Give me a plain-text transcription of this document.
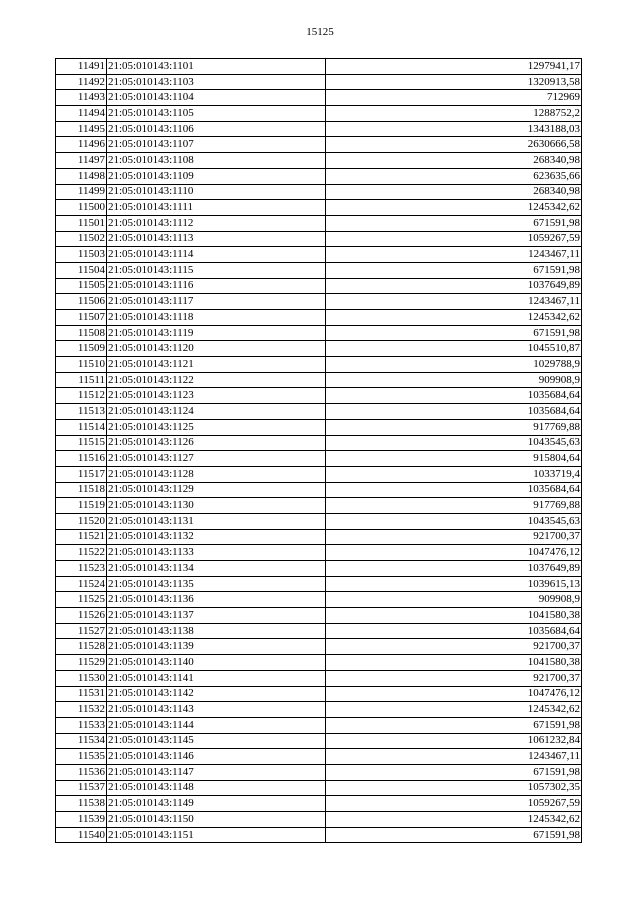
15125
11491	21:05:010143:1101	1297941,17
11492	21:05:010143:1103	1320913,58
11493	21:05:010143:1104	712969
11494	21:05:010143:1105	1288752,2
11495	21:05:010143:1106	1343188,03
11496	21:05:010143:1107	2630666,58
11497	21:05:010143:1108	268340,98
11498	21:05:010143:1109	623635,66
11499	21:05:010143:1110	268340,98
11500	21:05:010143:1111	1245342,62
11501	21:05:010143:1112	671591,98
11502	21:05:010143:1113	1059267,59
11503	21:05:010143:1114	1243467,11
11504	21:05:010143:1115	671591,98
11505	21:05:010143:1116	1037649,89
11506	21:05:010143:1117	1243467,11
11507	21:05:010143:1118	1245342,62
11508	21:05:010143:1119	671591,98
11509	21:05:010143:1120	1045510,87
11510	21:05:010143:1121	1029788,9
11511	21:05:010143:1122	909908,9
11512	21:05:010143:1123	1035684,64
11513	21:05:010143:1124	1035684,64
11514	21:05:010143:1125	917769,88
11515	21:05:010143:1126	1043545,63
11516	21:05:010143:1127	915804,64
11517	21:05:010143:1128	1033719,4
11518	21:05:010143:1129	1035684,64
11519	21:05:010143:1130	917769,88
11520	21:05:010143:1131	1043545,63
11521	21:05:010143:1132	921700,37
11522	21:05:010143:1133	1047476,12
11523	21:05:010143:1134	1037649,89
11524	21:05:010143:1135	1039615,13
11525	21:05:010143:1136	909908,9
11526	21:05:010143:1137	1041580,38
11527	21:05:010143:1138	1035684,64
11528	21:05:010143:1139	921700,37
11529	21:05:010143:1140	1041580,38
11530	21:05:010143:1141	921700,37
11531	21:05:010143:1142	1047476,12
11532	21:05:010143:1143	1245342,62
11533	21:05:010143:1144	671591,98
11534	21:05:010143:1145	1061232,84
11535	21:05:010143:1146	1243467,11
11536	21:05:010143:1147	671591,98
11537	21:05:010143:1148	1057302,35
11538	21:05:010143:1149	1059267,59
11539	21:05:010143:1150	1245342,62
11540	21:05:010143:1151	671591,98
